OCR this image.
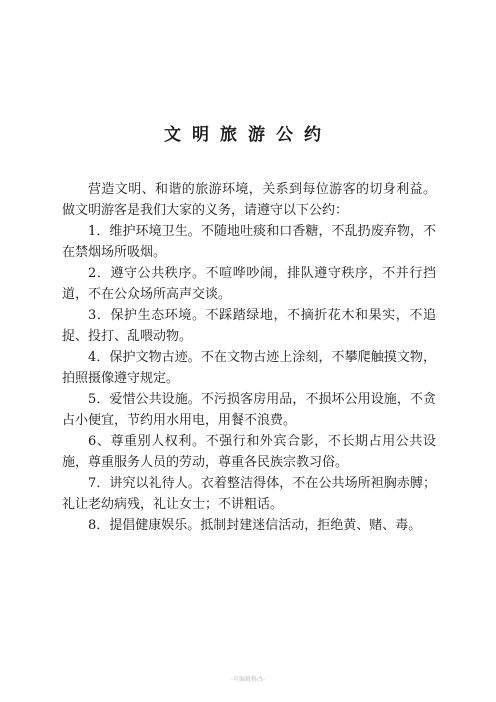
文明旅游公约

营造文明、和谐的旅游环境，关系到每位游客的切身利益。做文明游客是我们大家的义务，请遵守以下公约：

1．维护环境卫生。不随地吐痰和口香糖，不乱扔废弃物，不在禁烟场所吸烟。

2．遵守公共秩序。不喧哗吵闹，排队遵守秩序，不并行挡道，不在公众场所高声交谈。

3．保护生态环境。不踩踏绿地，不摘折花木和果实，不追捉、投打、乱喂动物。

4．保护文物古迹。不在文物古迹上涂刻，不攀爬触摸文物，拍照摄像遵守规定。

5．爱惜公共设施。不污损客房用品，不损坏公用设施，不贪占小便宜，节约用水用电，用餐不浪费。

6、尊重别人权利。不强行和外宾合影，不长期占用公共设施，尊重服务人员的劳动，尊重各民族宗教习俗。

7．讲究以礼待人。衣着整洁得体，不在公共场所袒胸赤膊；礼让老幼病残，礼让女士；不讲粗话。

8．提倡健康娱乐。抵制封建迷信活动，拒绝黄、赌、毒。

-可编辑修改-
